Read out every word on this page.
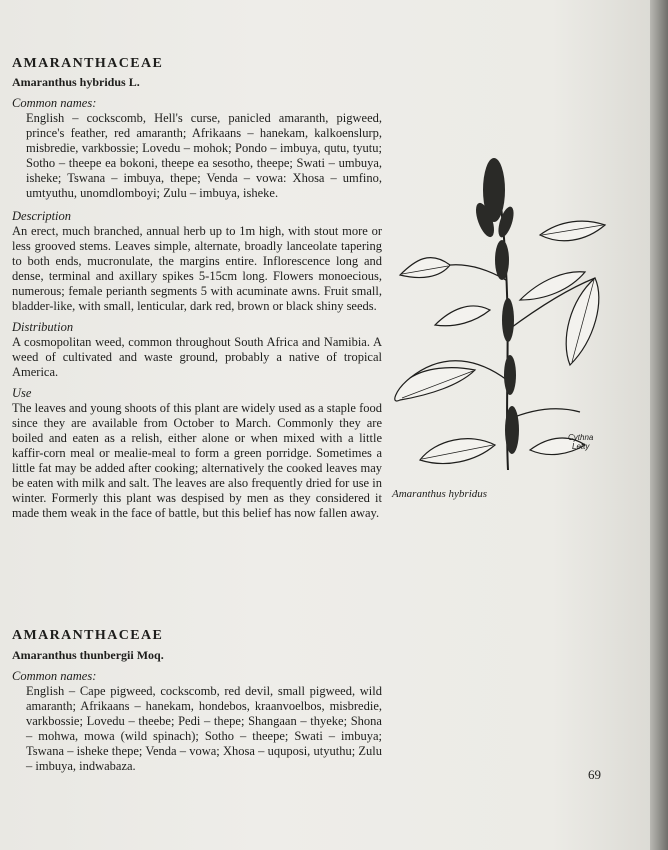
AMARANTHACEAE

Amaranthus hybridus L.

Common names:

English – cockscomb, Hell's curse, panicled amaranth, pigweed, prince's feather, red amaranth; Afrikaans – hanekam, kalkoenslurp, misbredie, varkbossie; Lovedu – mohok; Pondo – imbuya, qutu, tyutu; Sotho – theepe ea bokoni, theepe ea sesotho, theepe; Swati – umbuya, isheke; Tswana – imbuya, thepe; Venda – vowa: Xhosa – umfino, umtyuthu, unomdlomboyi; Zulu – imbuya, isheke.

Description

An erect, much branched, annual herb up to 1m high, with stout more or less grooved stems. Leaves simple, alternate, broadly lanceolate tapering to both ends, mucronulate, the margins entire. Inflorescence long and dense, terminal and axillary spikes 5-15cm long. Flowers monoecious, numerous; female perianth segments 5 with acuminate awns. Fruit small, bladder-like, with small, lenticular, dark red, brown or black shiny seeds.

Distribution

A cosmopolitan weed, common throughout South Africa and Namibia. A weed of cultivated and waste ground, probably a native of tropical America.

Use

The leaves and young shoots of this plant are widely used as a staple food since they are available from October to March. Commonly they are boiled and eaten as a relish, either alone or when mixed with a little kaffir-corn meal or mealie-meal to form a green porridge. Sometimes a little fat may be added after cooking; alternatively the cooked leaves may be eaten with milk and salt. The leaves are also frequently dried for use in winter. Formerly this plant was despised by men as they considered it made them weak in the face of battle, but this belief has now fallen away.

Cythna
Letty
Amaranthus hybridus

AMARANTHACEAE

Amaranthus thunbergii Moq.

Common names:

English – Cape pigweed, cockscomb, red devil, small pigweed, wild amaranth; Afrikaans – hanekam, hondebos, kraanvoelbos, misbredie, varkbossie; Lovedu – theebe; Pedi – thepe; Shangaan – thyeke; Shona – mohwa, mowa (wild spinach); Sotho – theepe; Swati – imbuya; Tswana – isheke thepe; Venda – vowa; Xhosa – uquposi, utyuthu; Zulu – imbuya, indwabaza.

69
